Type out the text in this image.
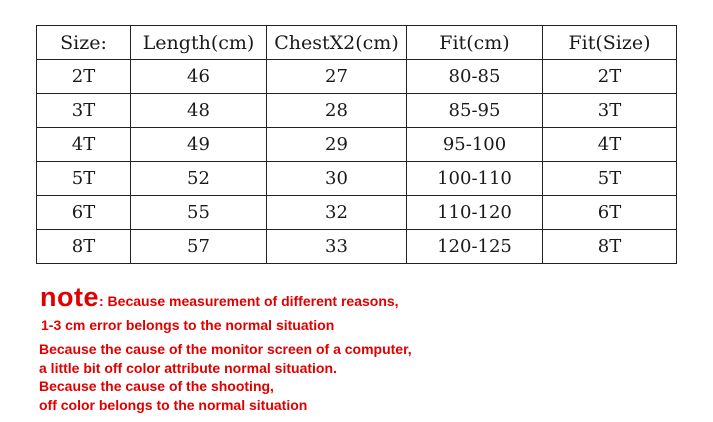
Size:	Length(cm)	ChestX2(cm)	Fit(cm)	Fit(Size)
2T	46	27	80-85	2T
3T	48	28	85-95	3T
4T	49	29	95-100	4T
5T	52	30	100-110	5T
6T	55	32	110-120	6T
8T	57	33	120-125	8T
note : Because measurement of different reasons,
1-3 cm error belongs to the normal situation
Because the cause of the monitor screen of a computer,
a little bit off color attribute normal situation.
Because the cause of the shooting,
off color belongs to the normal situation
